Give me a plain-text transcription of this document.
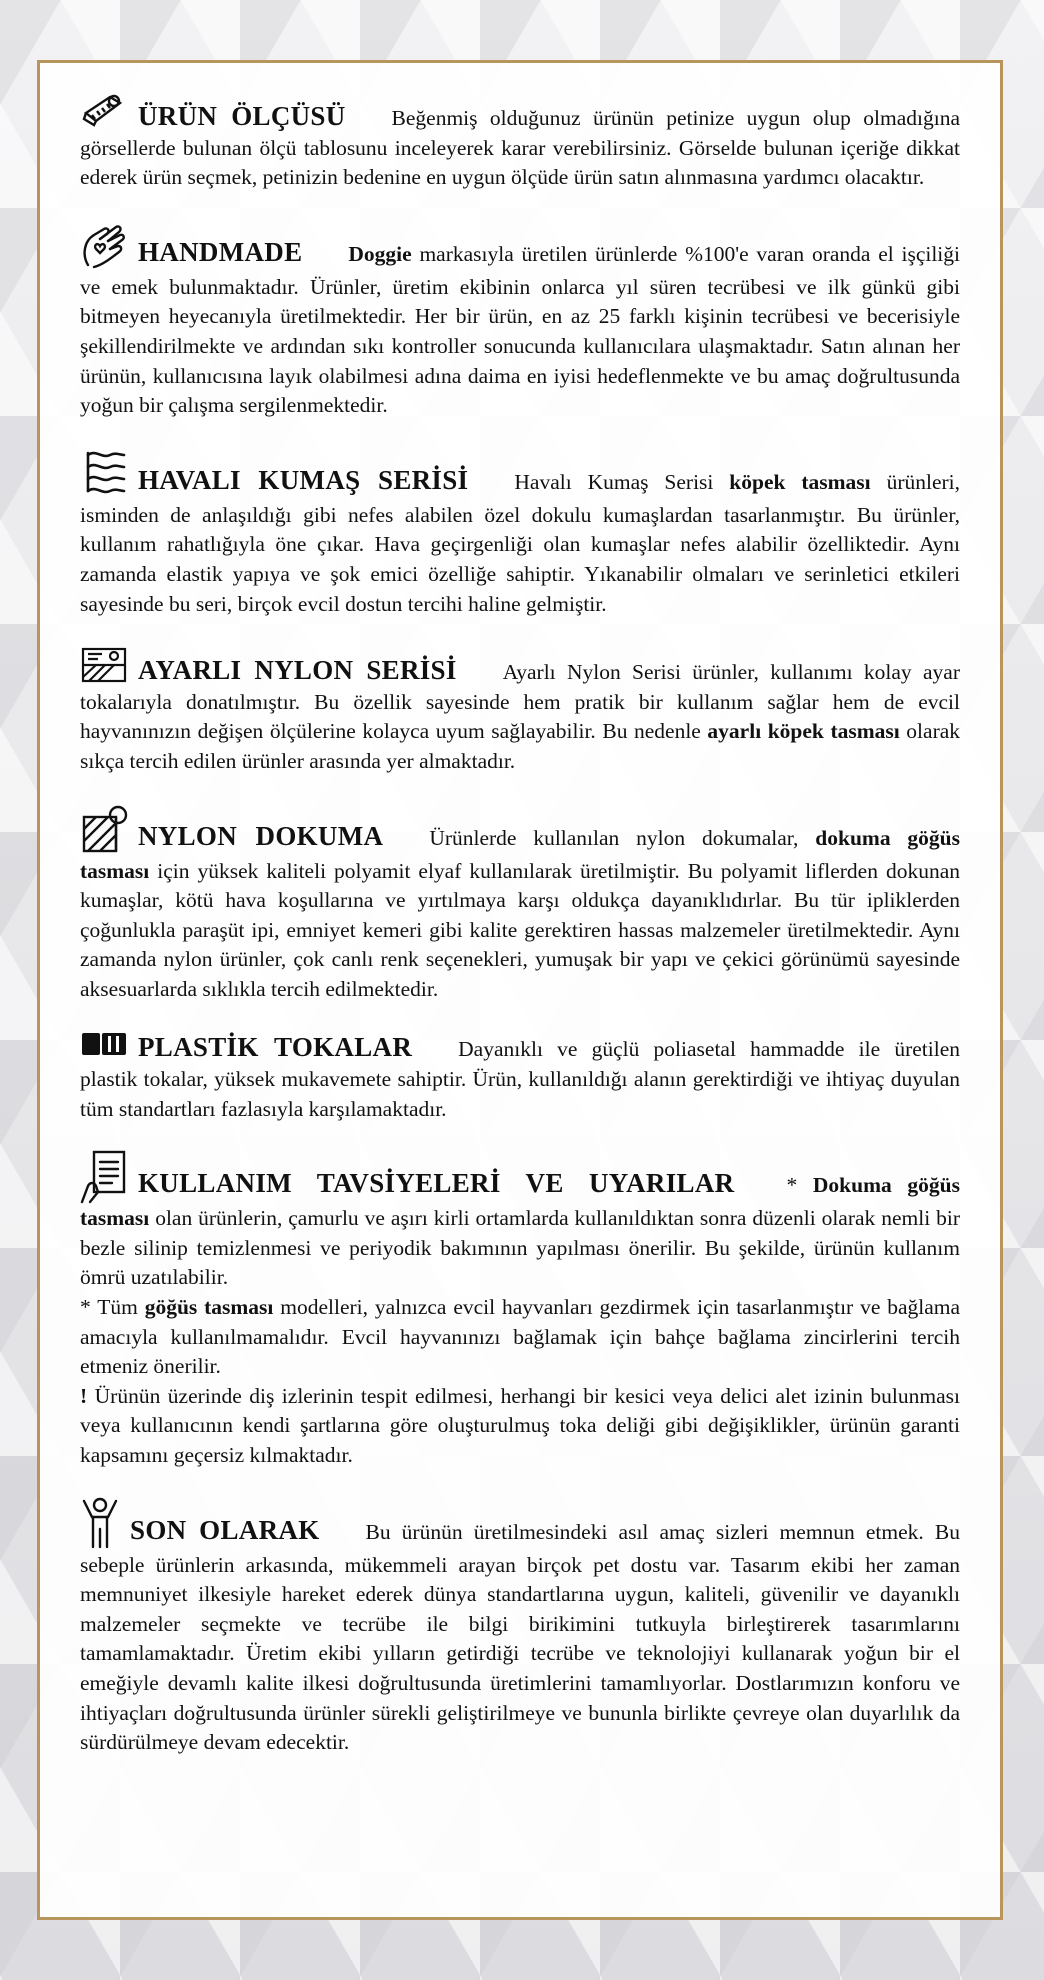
ÜRÜN ÖLÇÜSÜ Beğenmiş olduğunuz ürünün petinize uygun olup olmadığına görsellerde bulunan ölçü tablosunu inceleyerek karar verebilirsiniz. Görselde bulunan içeriğe dikkat ederek ürün seçmek, petinizin bedenine en uygun ölçüde ürün satın alınmasına yardımcı olacaktır.

HANDMADE Doggie markasıyla üretilen ürünlerde %100'e varan oranda el işçiliği ve emek bulunmaktadır. Ürünler, üretim ekibinin onlarca yıl süren tecrübesi ve ilk günkü gibi bitmeyen heyecanıyla üretilmektedir. Her bir ürün, en az 25 farklı kişinin tecrübesi ve becerisiyle şekillendirilmekte ve ardından sıkı kontroller sonucunda kullanıcılara ulaşmaktadır. Satın alınan her ürünün, kullanıcısına layık olabilmesi adına daima en iyisi hedeflenmekte ve bu amaç doğrultusunda yoğun bir çalışma sergilenmektedir.

HAVALI KUMAŞ SERİSİ Havalı Kumaş Serisi köpek tasması ürünleri, isminden de anlaşıldığı gibi nefes alabilen özel dokulu kumaşlardan tasarlanmıştır. Bu ürünler, kullanım rahatlığıyla öne çıkar. Hava geçirgenliği olan kumaşlar nefes alabilir özelliktedir. Aynı zamanda elastik yapıya ve şok emici özelliğe sahiptir. Yıkanabilir olmaları ve serinletici etkileri sayesinde bu seri, birçok evcil dostun tercihi haline gelmiştir.

AYARLI NYLON SERİSİ Ayarlı Nylon Serisi ürünler, kullanımı kolay ayar tokalarıyla donatılmıştır. Bu özellik sayesinde hem pratik bir kullanım sağlar hem de evcil hayvanınızın değişen ölçülerine kolayca uyum sağlayabilir. Bu nedenle ayarlı köpek tasması olarak sıkça tercih edilen ürünler arasında yer almaktadır.

NYLON DOKUMA Ürünlerde kullanılan nylon dokumalar, dokuma göğüs tasması için yüksek kaliteli polyamit elyaf kullanılarak üretilmiştir. Bu polyamit liflerden dokunan kumaşlar, kötü hava koşullarına ve yırtılmaya karşı oldukça dayanıklıdırlar. Bu tür ipliklerden çoğunlukla paraşüt ipi, emniyet kemeri gibi kalite gerektiren hassas malzemeler üretilmektedir. Aynı zamanda nylon ürünler, çok canlı renk seçenekleri, yumuşak bir yapı ve çekici görünümü sayesinde aksesuarlarda sıklıkla tercih edilmektedir.

PLASTİK TOKALAR Dayanıklı ve güçlü poliasetal hammadde ile üretilen plastik tokalar, yüksek mukavemete sahiptir. Ürün, kullanıldığı alanın gerektirdiği ve ihtiyaç duyulan tüm standartları fazlasıyla karşılamaktadır.

KULLANIM TAVSİYELERİ VE UYARILAR * Dokuma göğüs tasması olan ürünlerin, çamurlu ve aşırı kirli ortamlarda kullanıldıktan sonra düzenli olarak nemli bir bezle silinip temizlenmesi ve periyodik bakımının yapılması önerilir. Bu şekilde, ürünün kullanım ömrü uzatılabilir.

* Tüm göğüs tasması modelleri, yalnızca evcil hayvanları gezdirmek için tasarlanmıştır ve bağlama amacıyla kullanılmamalıdır. Evcil hayvanınızı bağlamak için bahçe bağlama zincirlerini tercih etmeniz önerilir.

! Ürünün üzerinde diş izlerinin tespit edilmesi, herhangi bir kesici veya delici alet izinin bulunması veya kullanıcının kendi şartlarına göre oluşturulmuş toka deliği gibi değişiklikler, ürünün garanti kapsamını geçersiz kılmaktadır.

SON OLARAK Bu ürünün üretilmesindeki asıl amaç sizleri memnun etmek. Bu sebeple ürünlerin arkasında, mükemmeli arayan birçok pet dostu var. Tasarım ekibi her zaman memnuniyet ilkesiyle hareket ederek dünya standartlarına uygun, kaliteli, güvenilir ve dayanıklı malzemeler seçmekte ve tecrübe ile bilgi birikimini tutkuyla birleştirerek tasarımlarını tamamlamaktadır. Üretim ekibi yılların getirdiği tecrübe ve teknolojiyi kullanarak yoğun bir el emeğiyle devamlı kalite ilkesi doğrultusunda üretimlerini tamamlıyorlar. Dostlarımızın konforu ve ihtiyaçları doğrultusunda ürünler sürekli geliştirilmeye ve bununla birlikte çevreye olan duyarlılık da sürdürülmeye devam edecektir.
